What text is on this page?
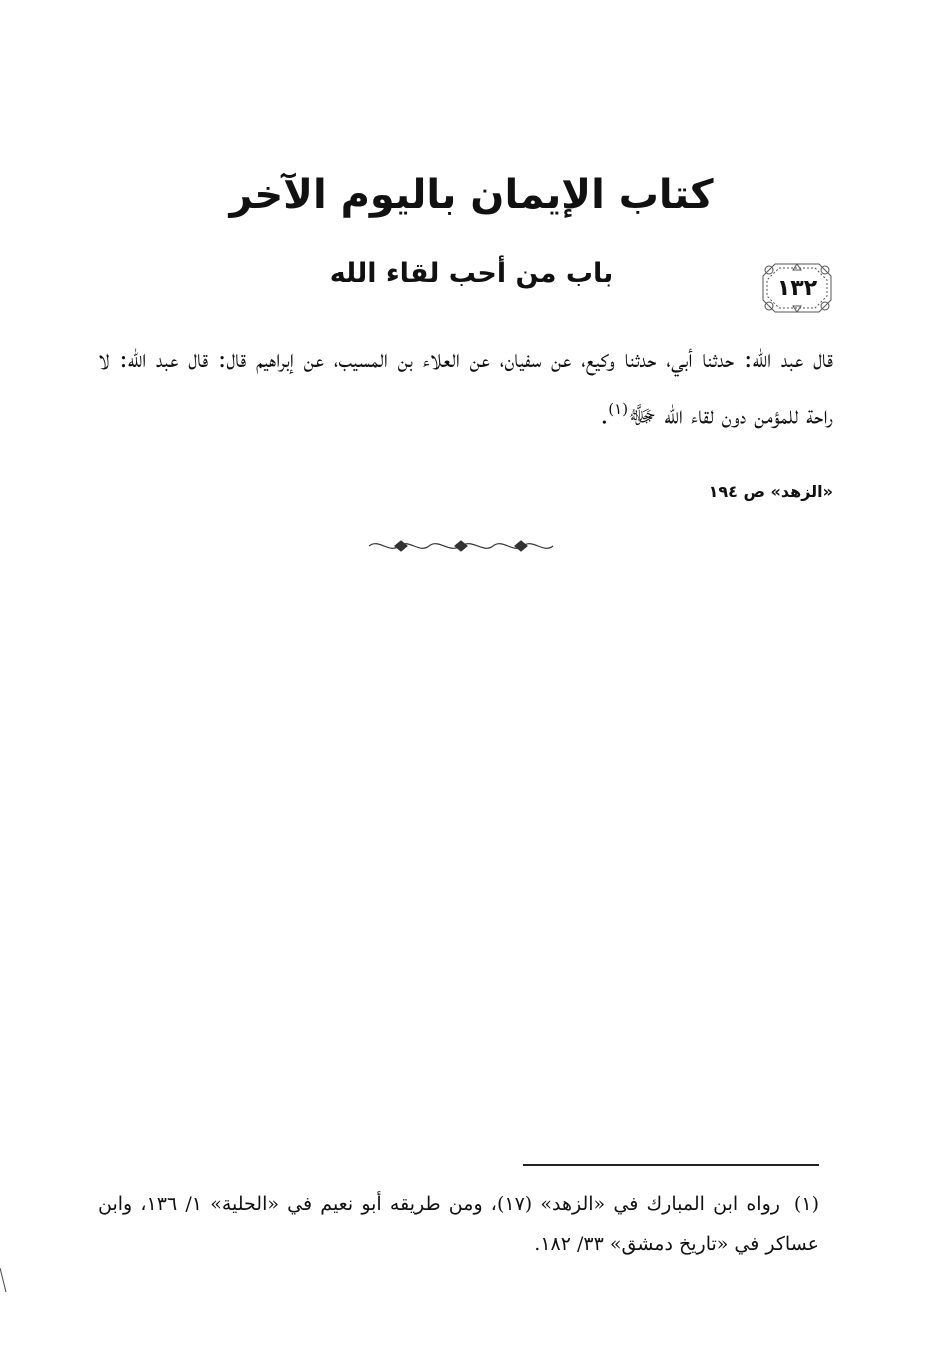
كتاب الإيمان باليوم الآخر
١٣٢
باب من أحب لقاء الله
قال عبد الله: حدثنا أبي، حدثنا وكيع، عن سفيان، عن العلاء بن المسيب، عن إبراهيم قال: قال عبد الله: لا راحة للمؤمن دون لقاء الله ﷻ$^{(١)}$.
«الزهد» ص ١٩٤
(١)رواه ابن المبارك في «الزهد» (١٧)، ومن طريقه أبو نعيم في «الحلية» ١/ ١٣٦، وابن عساكر في «تاريخ دمشق» ٣٣/ ١٨٢.
